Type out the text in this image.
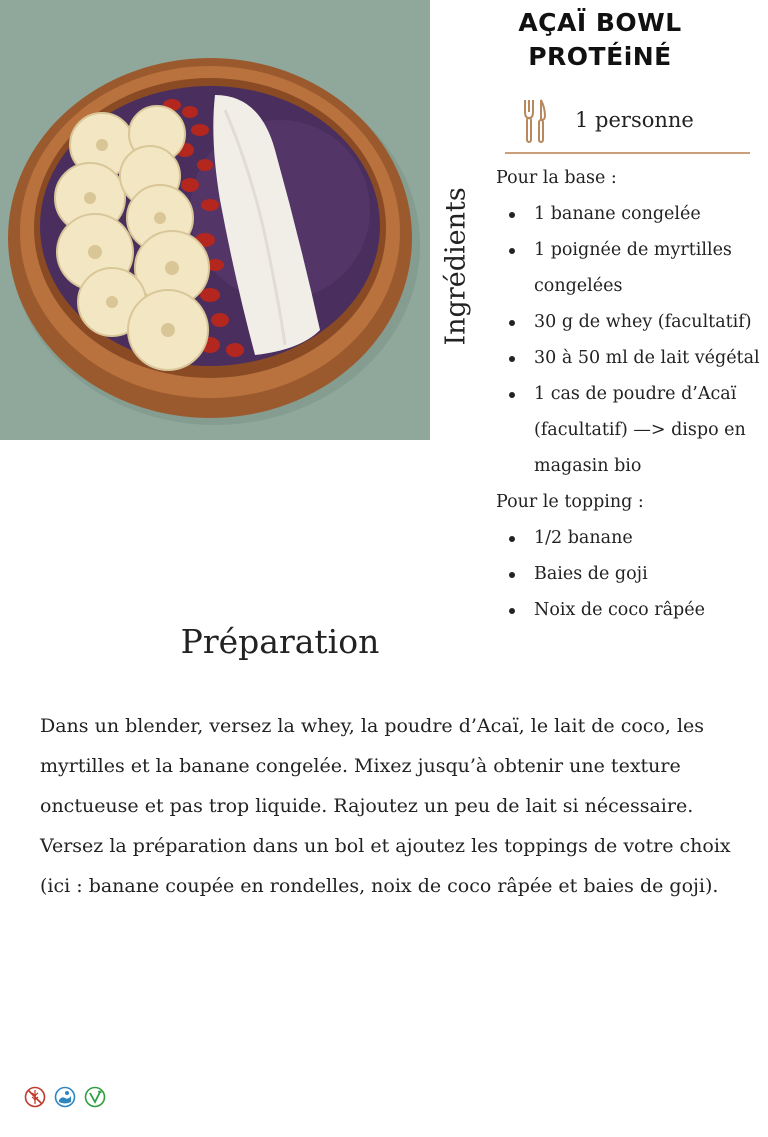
AÇAÏ BOWL
PROTÉiNÉ
1 personne
Ingrédients

Pour la base :

1 banane congelée
1 poignée de myrtilles congelées
30 g de whey (facultatif)
30 à 50 ml de lait végétal
1 cas de poudre d’Acaï (facultatif) —> dispo en magasin bio

Pour le topping :

1/2 banane
Baies de goji
Noix de coco râpée
Préparation
Dans un blender, versez la whey, la poudre d’Acaï, le lait de coco, les myrtilles et la banane congelée. Mixez jusqu’à obtenir une texture onctueuse et pas trop liquide. Rajoutez un peu de lait si nécessaire. Versez la préparation dans un bol et ajoutez les toppings de votre choix (ici : banane coupée en rondelles, noix de coco râpée et baies de goji).
